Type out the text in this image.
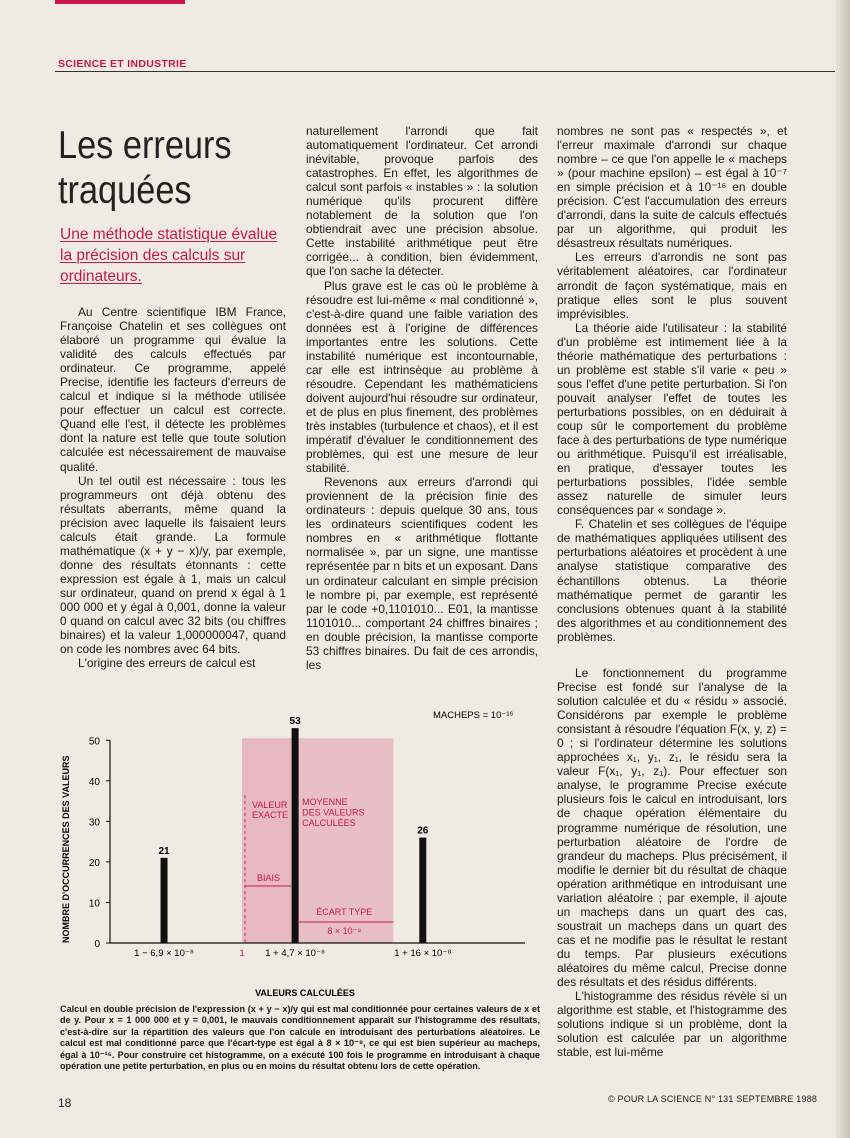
SCIENCE ET INDUSTRIE
Les erreurs traquées
Une méthode statistique évalue la précision des calculs sur ordinateurs.

Au Centre scientifique IBM France, Françoise Chatelin et ses collègues ont élaboré un programme qui évalue la validité des calculs effectués par ordinateur. Ce programme, appelé Precise, identifie les facteurs d'erreurs de calcul et indique si la méthode utilisée pour effectuer un calcul est correcte. Quand elle l'est, il détecte les problèmes dont la nature est telle que toute solution calculée est nécessairement de mauvaise qualité.

Un tel outil est nécessaire : tous les programmeurs ont déjà obtenu des résultats aberrants, même quand la précision avec laquelle ils faisaient leurs calculs était grande. La formule mathématique (x + y − x)/y, par exemple, donne des résultats étonnants : cette expression est égale à 1, mais un calcul sur ordinateur, quand on prend x égal à 1 000 000 et y égal à 0,001, donne la valeur 0 quand on calcul avec 32 bits (ou chiffres binaires) et la valeur 1,000000047, quand on code les nombres avec 64 bits.

L'origine des erreurs de calcul est

naturellement l'arrondi que fait automatiquement l'ordinateur. Cet arrondi inévitable, provoque parfois des catastrophes. En effet, les algorithmes de calcul sont parfois « instables » : la solution numérique qu'ils procurent diffère notablement de la solution que l'on obtiendrait avec une précision absolue. Cette instabilité arithmétique peut être corrigée... à condition, bien évidemment, que l'on sache la détecter.

Plus grave est le cas où le problème à résoudre est lui-même « mal conditionné », c'est-à-dire quand une faible variation des données est à l'origine de différences importantes entre les solutions. Cette instabilité numérique est incontournable, car elle est intrinsèque au problème à résoudre. Cependant les mathématiciens doivent aujourd'hui résoudre sur ordinateur, et de plus en plus finement, des problèmes très instables (turbulence et chaos), et il est impératif d'évaluer le conditionnement des problèmes, qui est une mesure de leur stabilité.

Revenons aux erreurs d'arrondi qui proviennent de la précision finie des ordinateurs : depuis quelque 30 ans, tous les ordinateurs scientifiques codent les nombres en « arithmétique flottante normalisée », par un signe, une mantisse représentée par n bits et un exposant. Dans un ordinateur calculant en simple précision le nombre pi, par exemple, est représenté par le code +0,1101010... E01, la mantisse 1101010... comportant 24 chiffres binaires ; en double précision, la mantisse comporte 53 chiffres binaires. Du fait de ces arrondis, les

nombres ne sont pas « respectés », et l'erreur maximale d'arrondi sur chaque nombre – ce que l'on appelle le « macheps » (pour machine epsilon) – est égal à 10⁻⁷ en simple précision et à 10⁻¹⁶ en double précision. C'est l'accumulation des erreurs d'arrondi, dans la suite de calculs effectués par un algorithme, qui produit les désastreux résultats numériques.

Les erreurs d'arrondis ne sont pas véritablement aléatoires, car l'ordinateur arrondit de façon systématique, mais en pratique elles sont le plus souvent imprévisibles.

La théorie aide l'utilisateur : la stabilité d'un problème est intimement liée à la théorie mathématique des perturbations : un problème est stable s'il varie « peu » sous l'effet d'une petite perturbation. Si l'on pouvait analyser l'effet de toutes les perturbations possibles, on en déduirait à coup sûr le comportement du problème face à des perturbations de type numérique ou arithmétique. Puisqu'il est irréalisable, en pratique, d'essayer toutes les perturbations possibles, l'idée semble assez naturelle de simuler leurs conséquences par « sondage ».

F. Chatelin et ses collègues de l'équipe de mathématiques appliquées utilisent des perturbations aléatoires et procèdent à une analyse statistique comparative des échantillons obtenus. La théorie mathématique permet de garantir les conclusions obtenues quant à la stabilité des algorithmes et au conditionnement des problèmes.

Le fonctionnement du programme Precise est fondé sur l'analyse de la solution calculée et du « résidu » associé. Considérons par exemple le problème consistant à résoudre l'équation F(x, y, z) = 0 ; si l'ordinateur détermine les solutions approchées x₁, y₁, z₁, le résidu sera la valeur F(x₁, y₁, z₁). Pour effectuer son analyse, le programme Precise exécute plusieurs fois le calcul en introduisant, lors de chaque opération élémentaire du programme numérique de résolution, une perturbation aléatoire de l'ordre de grandeur du macheps. Plus précisément, il modifie le dernier bit du résultat de chaque opération arithmétique en introduisant une variation aléatoire ; par exemple, il ajoute un macheps dans un quart des cas, soustrait un macheps dans un quart des cas et ne modifie pas le résultat le restant du temps. Par plusieurs exécutions aléatoires du même calcul, Precise donne des résultats et des résidus différents.

L'histogramme des résidus révèle si un algorithme est stable, et l'histogramme des solutions indique si un problème, dont la solution est calculée par un algorithme stable, est lui-même

0
10
20
30
40
50
NOMBRE D'OCCURRENCES DES VALEURS	21
1 − 6,9 × 10⁻⁸
53
1 + 4,7 × 10⁻⁸
26
1 + 16 × 10⁻⁸
1
VALEURS CALCULÉES
MACHEPS = 10⁻¹⁶
VALEUR
EXACTE
MOYENNE
DES VALEURS
CALCULÉES
BIAIS
ÉCART TYPE
8 × 10⁻⁸
Calcul en double précision de l'expression (x + y − x)/y qui est mal conditionnée pour certaines valeurs de x et de y. Pour x = 1 000 000 et y = 0,001, le mauvais conditionnement apparaît sur l'histogramme des résultats, c'est-à-dire sur la répartition des valeurs que l'on calcule en introduisant des perturbations aléatoires. Le calcul est mal conditionné parce que l'écart-type est égal à 8 × 10⁻⁸, ce qui est bien supérieur au macheps, égal à 10⁻¹⁶. Pour construire cet histogramme, on a exécuté 100 fois le programme en introduisant à chaque opération une petite perturbation, en plus ou en moins du résultat obtenu lors de cette opération.
18	© POUR LA SCIENCE N° 131 SEPTEMBRE 1988
